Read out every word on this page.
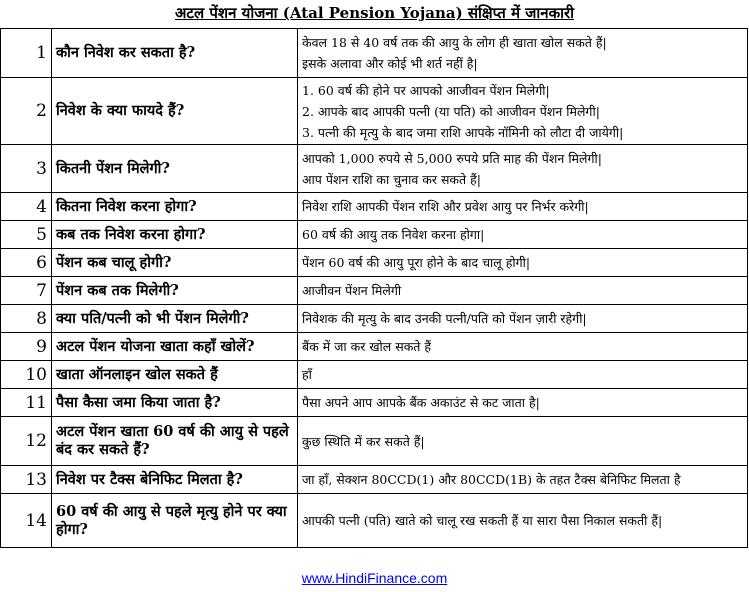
अटल पेंशन योजना (Atal Pension Yojana) संक्षिप्त में जानकारी
1	कौन निवेश कर सकता है?	केवल 18 से 40 वर्ष तक की आयु के लोग ही खाता खोल सकते हैं|
इसके अलावा और कोई भी शर्त नहीं है|

2	निवेश के क्या फायदे हैं?	1. 60 वर्ष की होने पर आपको आजीवन पेंशन मिलेगी|
2. आपके बाद आपकी पत्नी (या पति) को आजीवन पेंशन मिलेगी|
3. पत्नी की मृत्यु के बाद जमा राशि आपके नॉमिनी को लौटा दी जायेगी|

3	कितनी पेंशन मिलेगी?	आपको 1,000 रुपये से 5,000 रुपये प्रति माह की पेंशन मिलेगी|
आप पेंशन राशि का चुनाव कर सकते हैं|

4	कितना निवेश करना होगा?	निवेश राशि आपकी पेंशन राशि और प्रवेश आयु पर निर्भर करेगी|

5	कब तक निवेश करना होगा?	60 वर्ष की आयु तक निवेश करना होगा|

6	पेंशन कब चालू होगी?	पेंशन 60 वर्ष की आयु पूरा होने के बाद चालू होगी|

7	पेंशन कब तक मिलेगी?	आजीवन पेंशन मिलेगी

8	क्या पति/पत्नी को भी पेंशन मिलेगी?	निवेशक की मृत्यु के बाद उनकी पत्नी/पति को पेंशन ज़ारी रहेगी|

9	अटल पेंशन योजना खाता कहाँ खोलें?	बैंक में जा कर खोल सकते हैं

10	खाता ऑनलाइन खोल सकते हैं	हाँ

11	पैसा कैसा जमा किया जाता है?	पैसा अपने आप आपके बैंक अकाउंट से कट जाता है|

12	अटल पेंशन खाता 60 वर्ष की आयु से पहले बंद कर सकते हैं?	कुछ स्थिति में कर सकते हैं|

13	निवेश पर टैक्स बेनिफिट मिलता है?	जा हाँ, सेक्शन 80CCD(1) और 80CCD(1B) के तहत टैक्स बेनिफिट मिलता है

14	60 वर्ष की आयु से पहले मृत्यु होने पर क्या होगा?	आपकी पत्नी (पति) खाते को चालू रख सकती हैं या सारा पैसा निकाल सकती हैं|
www.HindiFinance.com
